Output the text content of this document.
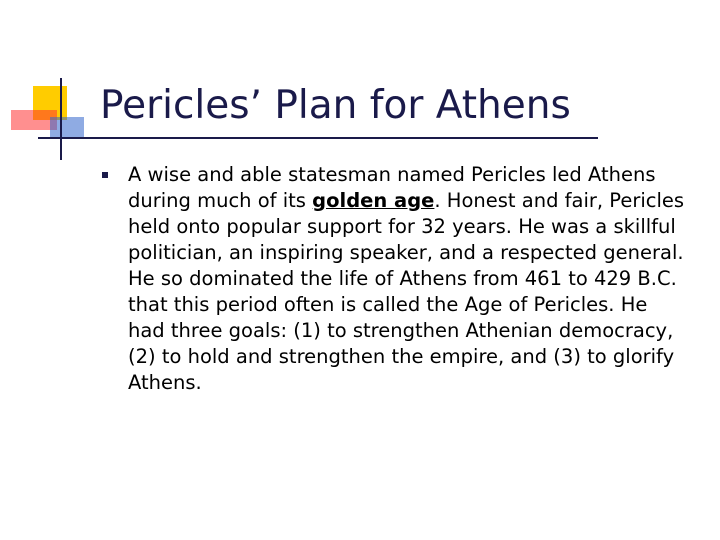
Pericles’ Plan for Athens
A wise and able statesman named Pericles led Athens during much of its golden age. Honest and fair, Pericles held onto popular support for 32 years. He was a skillful politician, an inspiring speaker, and a respected general. He so dominated the life of Athens from 461 to 429 B.C. that this period often is called the Age of Pericles. He had three goals: (1) to strengthen Athenian democracy, (2) to hold and strengthen the empire, and (3) to glorify Athens.
